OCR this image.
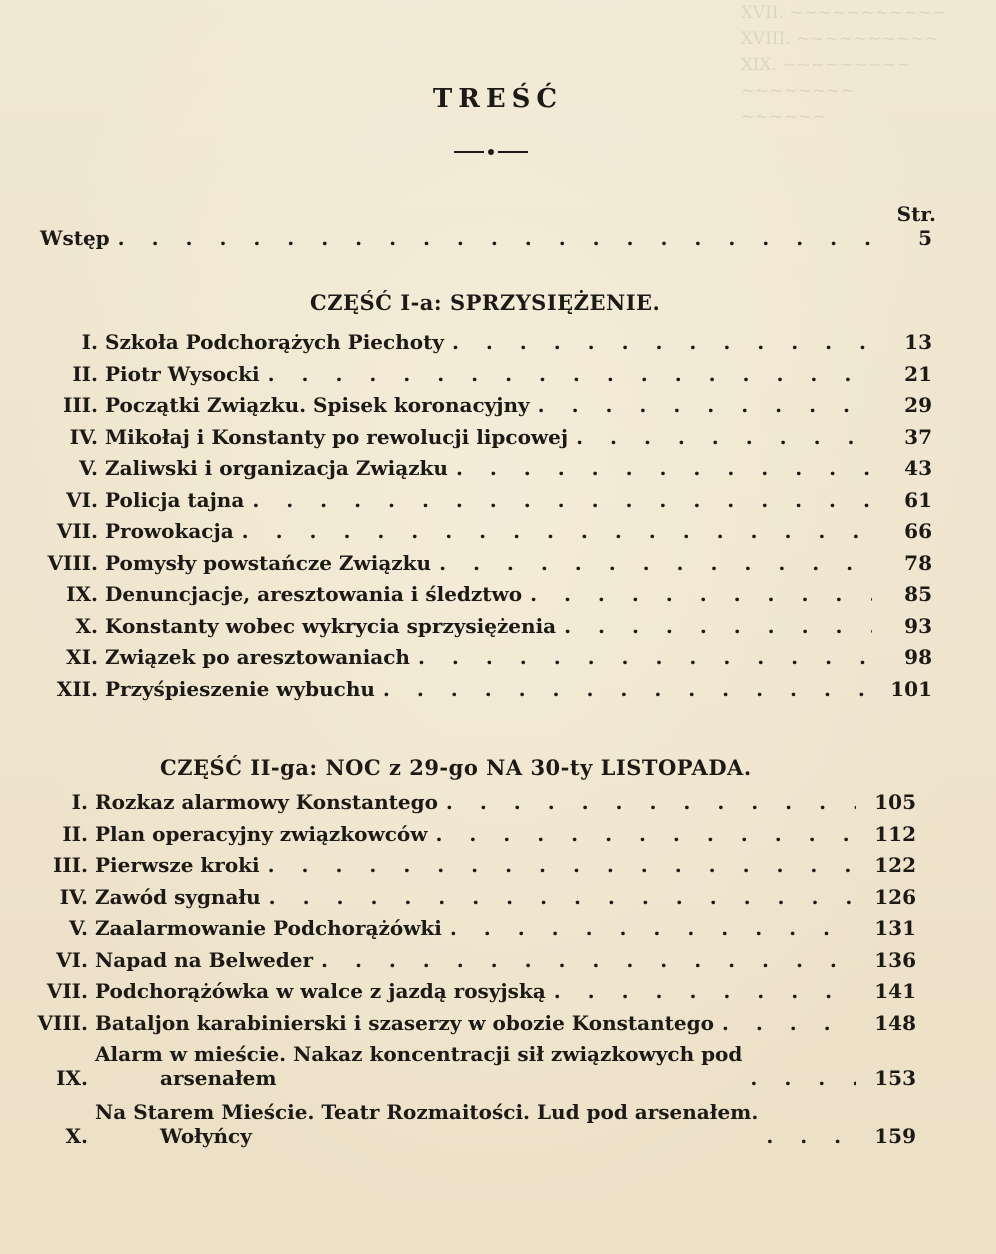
XVII. ~~~~~~~~~~~
XVIII. ~~~~~~~~~~
XIX. ~~~~~~~~~
~~~~~~~~
~~~~~~
TREŚĆ
Str.
Wstęp . . .	5
CZĘŚĆ I-a: SPRZYSIĘŻENIE.
I. Szkoła Podchorążych Piechoty . . .	13
II. Piotr Wysocki . . .	21
III. Początki Związku. Spisek koronacyjny . . .	29
IV. Mikołaj i Konstanty po rewolucji lipcowej . . .	37
V. Zaliwski i organizacja Związku . . .	43
VI. Policja tajna . . .	61
VII. Prowokacja . . .	66
VIII. Pomysły powstańcze Związku . . .	78
IX. Denuncjacje, aresztowania i śledztwo . . .	85
X. Konstanty wobec wykrycia sprzysiężenia . . .	93
XI. Związek po aresztowaniach . . .	98
XII. Przyśpieszenie wybuchu . . .	101
CZĘŚĆ II-ga: NOC z 29-go NA 30-ty LISTOPADA.
I. Rozkaz alarmowy Konstantego . . .	105
II. Plan operacyjny związkowców . . .	112
III. Pierwsze kroki . . .	122
IV. Zawód sygnału . . .	126
V. Zaalarmowanie Podchorążówki . . .	131
VI. Napad na Belweder . . .	136
VII. Podchorążówka w walce z jazdą rosyjską . . .	141
VIII. Bataljon karabinierski i szaserzy w obozie Konstantego . . .	148
IX.
Alarm w mieście. Nakaz koncentracji sił związkowych pod
arsenałem . . .	153
X.
Na Starem Mieście. Teatr Rozmaitości. Lud pod arsenałem.
Wołyńcy . . .	159
